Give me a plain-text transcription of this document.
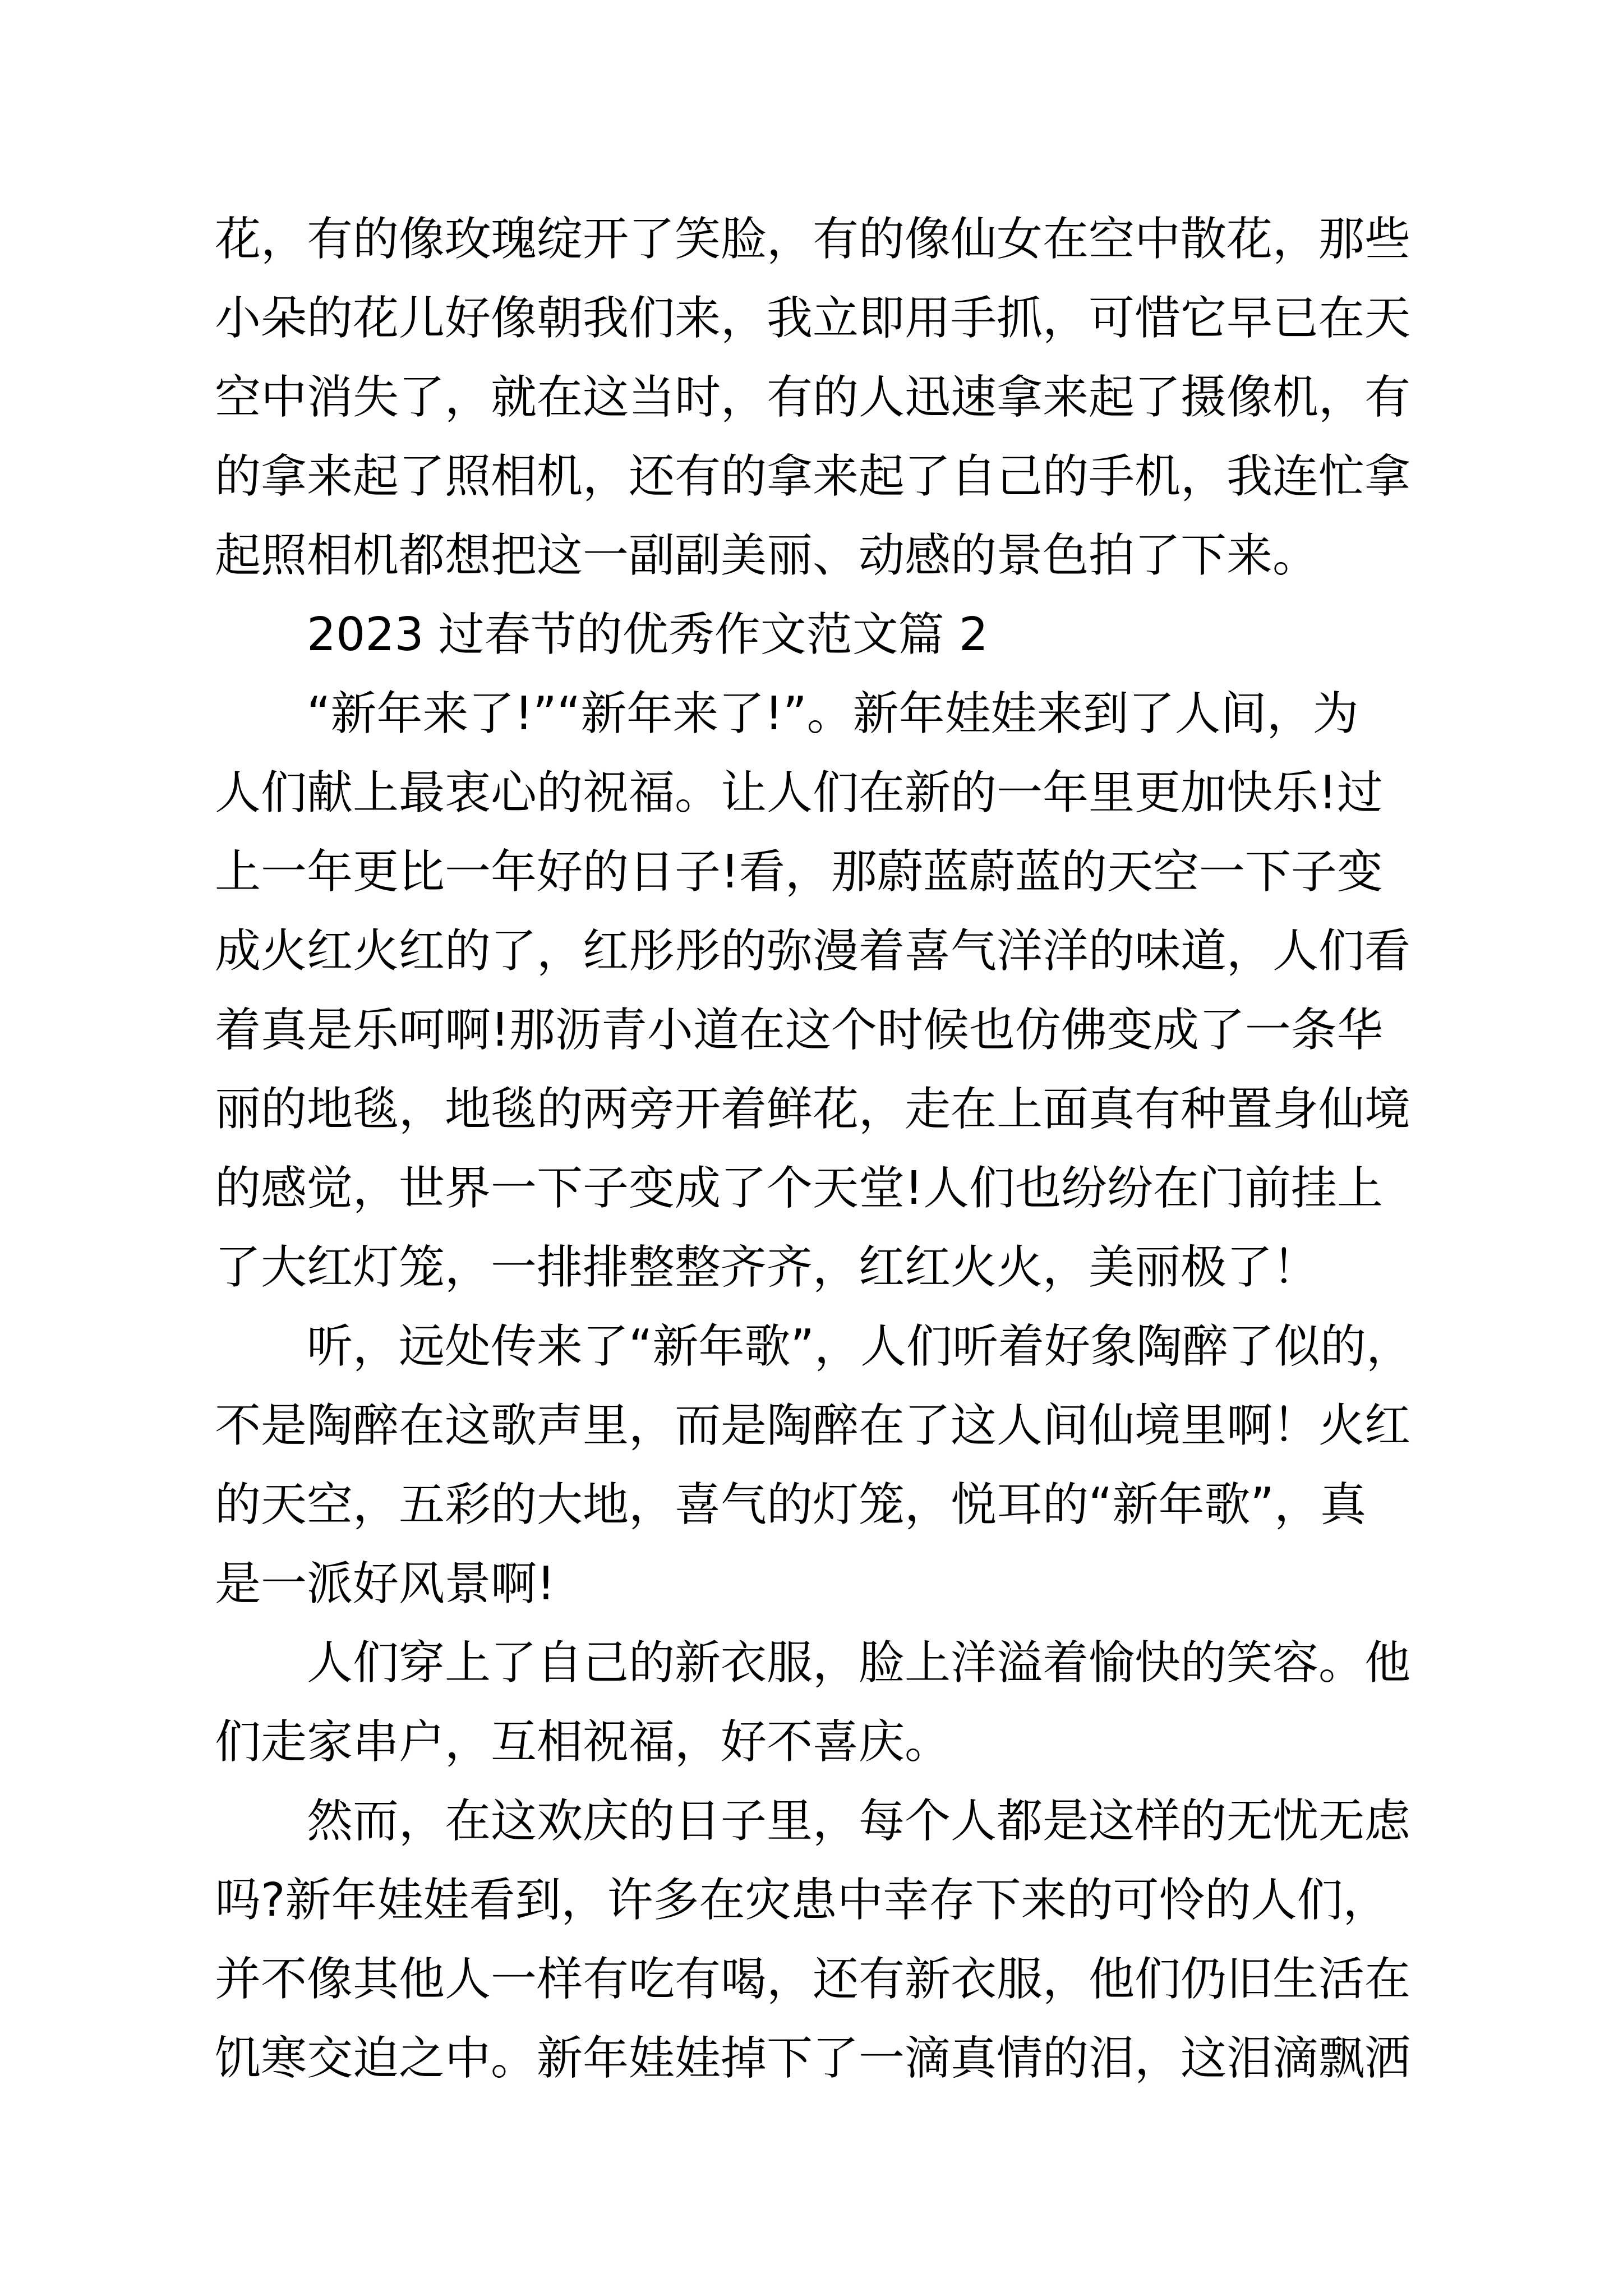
花，有的像玫瑰绽开了笑脸，有的像仙女在空中散花，那些
小朵的花儿好像朝我们来，我立即用手抓，可惜它早已在天
空中消失了，就在这当时，有的人迅速拿来起了摄像机，有
的拿来起了照相机，还有的拿来起了自己的手机，我连忙拿
起照相机都想把这一副副美丽、动感的景色拍了下来。
　　2023 过春节的优秀作文范文篇 2
　　“新年来了!”“新年来了!”。新年娃娃来到了人间，为
人们献上最衷心的祝福。让人们在新的一年里更加快乐!过
上一年更比一年好的日子!看，那蔚蓝蔚蓝的天空一下子变
成火红火红的了，红彤彤的弥漫着喜气洋洋的味道，人们看
着真是乐呵啊!那沥青小道在这个时候也仿佛变成了一条华
丽的地毯，地毯的两旁开着鲜花，走在上面真有种置身仙境
的感觉，世界一下子变成了个天堂!人们也纷纷在门前挂上
了大红灯笼，一排排整整齐齐，红红火火，美丽极了！
　　听，远处传来了“新年歌”，人们听着好象陶醉了似的，
不是陶醉在这歌声里，而是陶醉在了这人间仙境里啊！火红
的天空，五彩的大地，喜气的灯笼，悦耳的“新年歌”，真
是一派好风景啊!
　　人们穿上了自己的新衣服，脸上洋溢着愉快的笑容。他
们走家串户，互相祝福，好不喜庆。
　　然而，在这欢庆的日子里，每个人都是这样的无忧无虑
吗?新年娃娃看到，许多在灾患中幸存下来的可怜的人们，
并不像其他人一样有吃有喝，还有新衣服，他们仍旧生活在
饥寒交迫之中。新年娃娃掉下了一滴真情的泪，这泪滴飘洒
